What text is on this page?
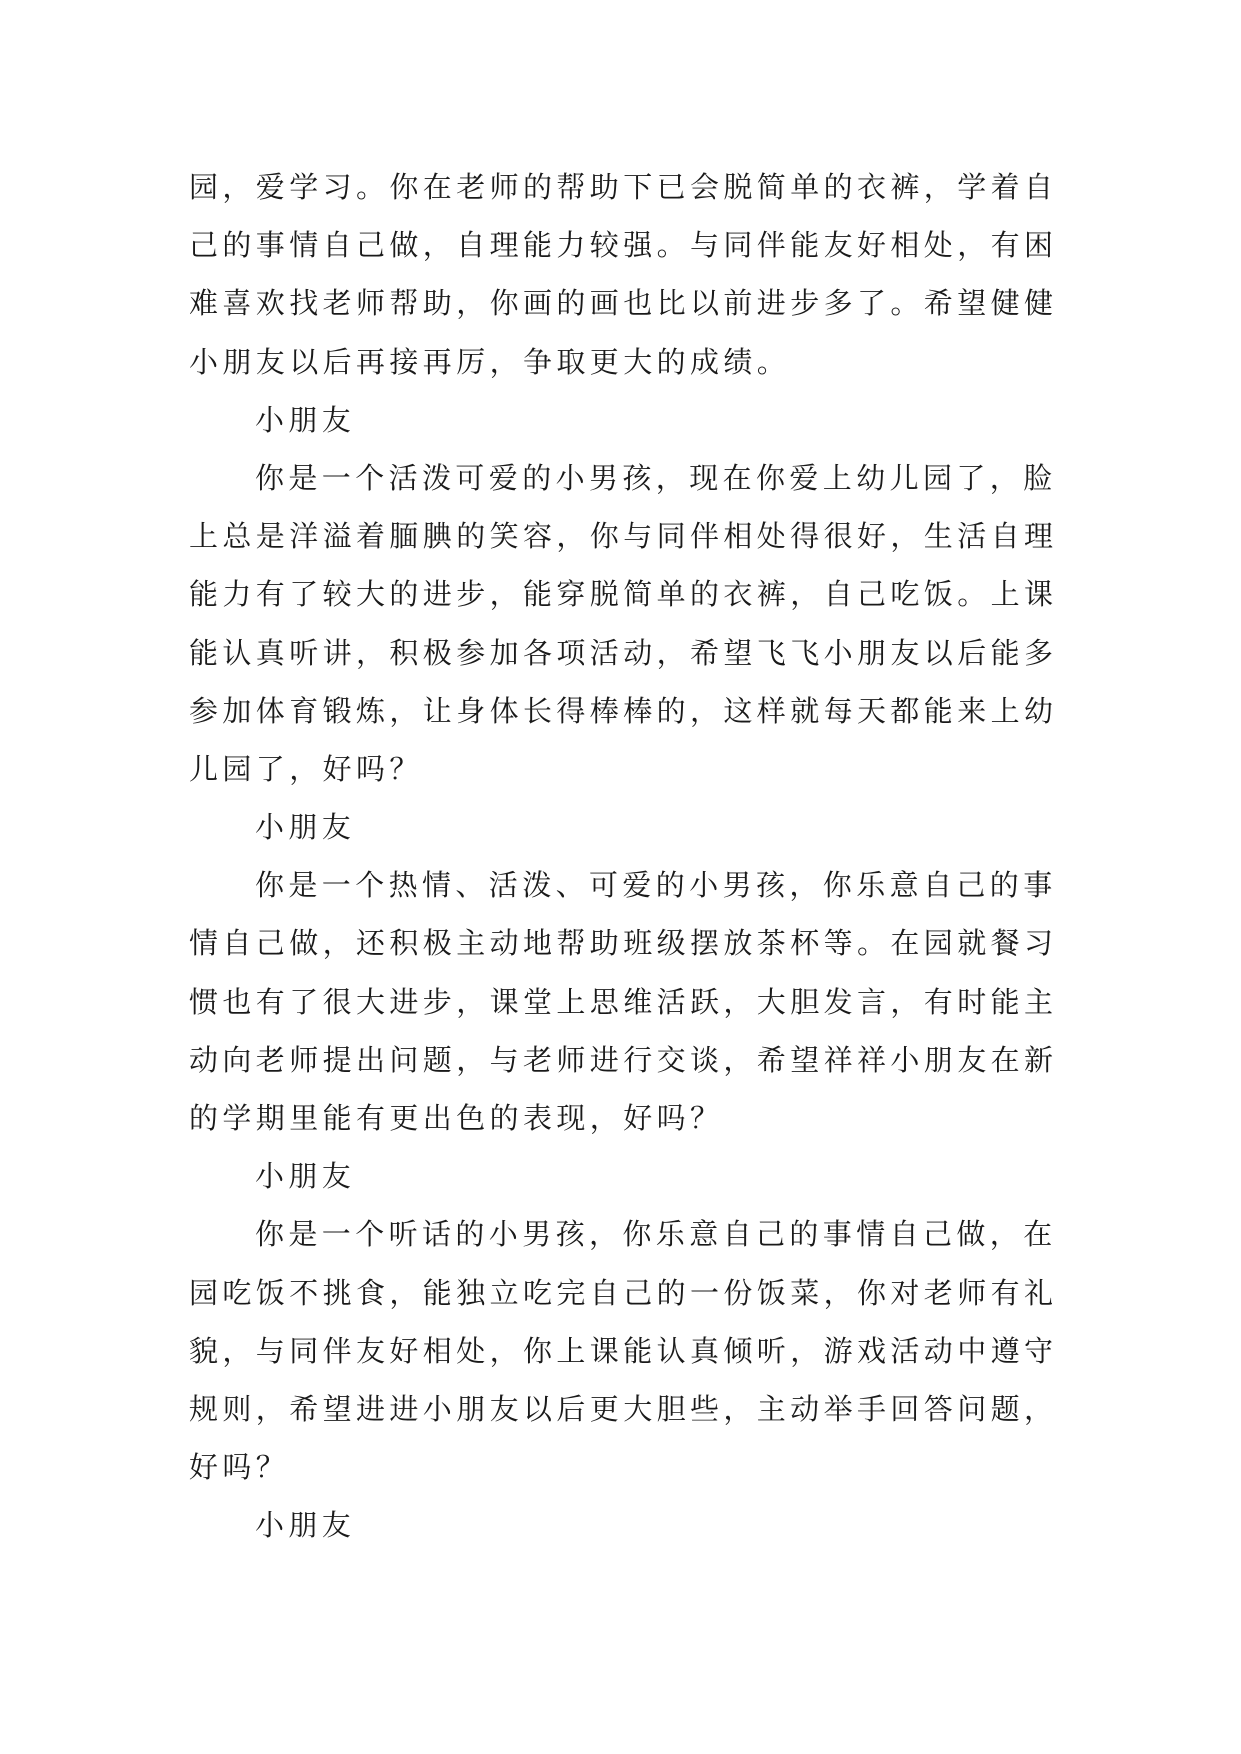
园，爱学习。你在老师的帮助下已会脱简单的衣裤，学着自
己的事情自己做，自理能力较强。与同伴能友好相处，有困
难喜欢找老师帮助，你画的画也比以前进步多了。希望健健
小朋友以后再接再厉，争取更大的成绩。
小朋友
你是一个活泼可爱的小男孩，现在你爱上幼儿园了，脸
上总是洋溢着腼腆的笑容，你与同伴相处得很好，生活自理
能力有了较大的进步，能穿脱简单的衣裤，自己吃饭。上课
能认真听讲，积极参加各项活动，希望飞飞小朋友以后能多
参加体育锻炼，让身体长得棒棒的，这样就每天都能来上幼
儿园了，好吗？
小朋友
你是一个热情、活泼、可爱的小男孩，你乐意自己的事
情自己做，还积极主动地帮助班级摆放茶杯等。在园就餐习
惯也有了很大进步，课堂上思维活跃，大胆发言，有时能主
动向老师提出问题，与老师进行交谈，希望祥祥小朋友在新
的学期里能有更出色的表现，好吗？
小朋友
你是一个听话的小男孩，你乐意自己的事情自己做，在
园吃饭不挑食，能独立吃完自己的一份饭菜，你对老师有礼
貌，与同伴友好相处，你上课能认真倾听，游戏活动中遵守
规则，希望进进小朋友以后更大胆些，主动举手回答问题，
好吗？
小朋友
